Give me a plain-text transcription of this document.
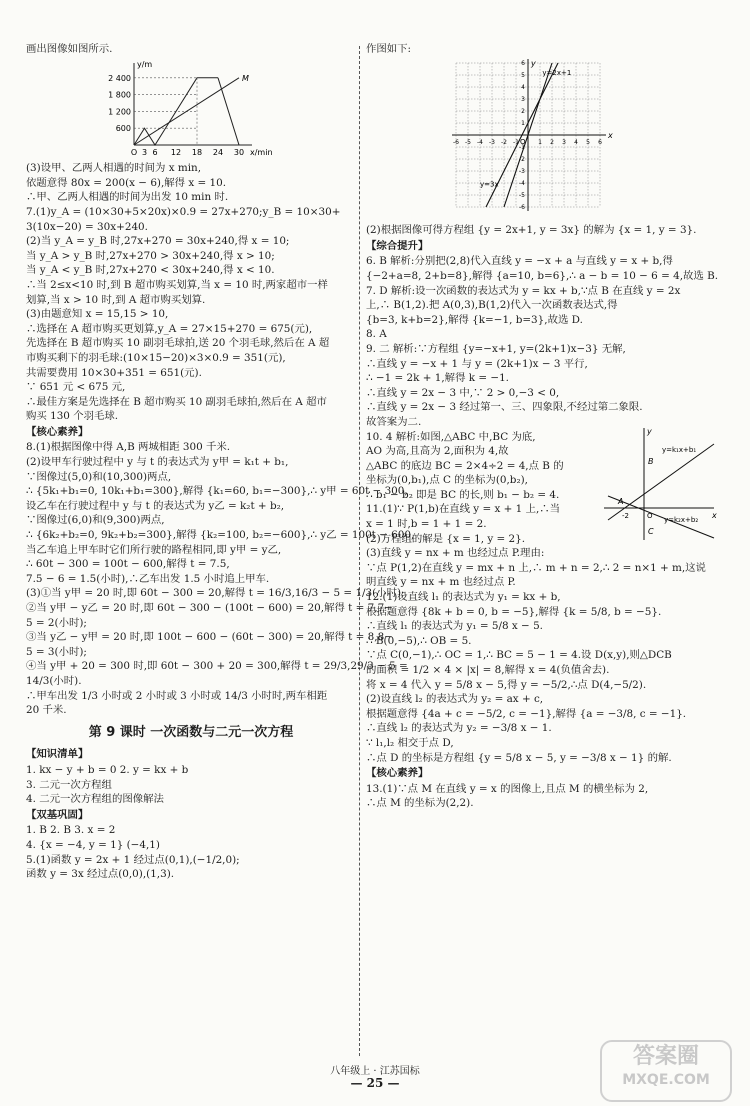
画出图像如图所示.
y/m
x/min
2 400
1 800
1 200
600
O 3 6 12 18 24 30
M
(3)设甲、乙两人相遇的时间为 x min,
依题意得 80x = 200(x − 6),解得 x = 10.
∴甲、乙两人相遇的时间为出发 10 min 时.
7.(1)y_A = (10×30+5×20x)×0.9 = 27x+270;y_B = 10×30+
3(10x−20) = 30x+240.
(2)当 y_A = y_B 时,27x+270 = 30x+240,得 x = 10;
当 y_A > y_B 时,27x+270 > 30x+240,得 x > 10;
当 y_A < y_B 时,27x+270 < 30x+240,得 x < 10.
∴当 2≤x<10 时,到 B 超市购买划算,当 x = 10 时,两家超市一样
划算,当 x > 10 时,到 A 超市购买划算.
(3)由题意知 x = 15,15 > 10,
∴选择在 A 超市购买更划算,y_A = 27×15+270 = 675(元),
先选择在 B 超市购买 10 副羽毛球拍,送 20 个羽毛球,然后在 A 超
市购买剩下的羽毛球:(10×15−20)×3×0.9 = 351(元),
共需要费用 10×30+351 = 651(元).
∵ 651 元 < 675 元,
∴最佳方案是先选择在 B 超市购买 10 副羽毛球拍,然后在 A 超市
购买 130 个羽毛球.
【核心素养】
8.(1)根据图像中得 A,B 两城相距 300 千米.
(2)设甲车行驶过程中 y 与 t 的表达式为 y甲 = k₁t + b₁,
∵图像过(5,0)和(10,300)两点,
∴ {5k₁+b₁=0, 10k₁+b₁=300},解得 {k₁=60, b₁=−300},∴ y甲 = 60t − 300,
设乙车在行驶过程中 y 与 t 的表达式为 y乙 = k₂t + b₂,
∵图像过(6,0)和(9,300)两点,
∴ {6k₂+b₂=0, 9k₂+b₂=300},解得 {k₂=100, b₂=−600},∴ y乙 = 100t − 600,
当乙车追上甲车时它们所行驶的路程相同,即 y甲 = y乙,
∴ 60t − 300 = 100t − 600,解得 t = 7.5,
7.5 − 6 = 1.5(小时),∴乙车出发 1.5 小时追上甲车.
(3)①当 y甲 = 20 时,即 60t − 300 = 20,解得 t = 16/3,16/3 − 5 = 1/3(小时);
②当 y甲 − y乙 = 20 时,即 60t − 300 − (100t − 600) = 20,解得 t = 7,7−
5 = 2(小时);
③当 y乙 − y甲 = 20 时,即 100t − 600 − (60t − 300) = 20,解得 t = 8,8−
5 = 3(小时);
④当 y甲 + 20 = 300 时,即 60t − 300 + 20 = 300,解得 t = 29/3,29/3 − 5 =
14/3(小时).
∴甲车出发 1/3 小时或 2 小时或 3 小时或 14/3 小时时,两车相距
20 千米.
第 9 课时 一次函数与二元一次方程
【知识清单】
1. kx − y + b = 0 2. y = kx + b
3. 二元一次方程组
4. 二元一次方程组的图像解法
【双基巩固】
1. B 2. B 3. x = 2
4. {x = −4, y = 1} (−4,1)
5.(1)函数 y = 2x + 1 经过点(0,1),(−1/2,0);
函数 y = 3x 经过点(0,0),(1,3).
作图如下:
x
y
O
-6
-6
-5
-5
-4
-4
-3
-3
-2
-2
-1
-1
1
1
2
2
3
3
4
4
5
5
6
6
y=2x+1
y=3x
(2)根据图像可得方程组 {y = 2x+1, y = 3x} 的解为 {x = 1, y = 3}.
【综合提升】
6. B 解析:分别把(2,8)代入直线 y = −x + a 与直线 y = x + b,得
{−2+a=8, 2+b=8},解得 {a=10, b=6},∴ a − b = 10 − 6 = 4,故选 B.
7. D 解析:设一次函数的表达式为 y = kx + b,∵点 B 在直线 y = 2x
上,∴ B(1,2).把 A(0,3),B(1,2)代入一次函数表达式,得
{b=3, k+b=2},解得 {k=−1, b=3},故选 D.
8. A
9. 二 解析:∵方程组 {y=−x+1, y=(2k+1)x−3} 无解,
∴直线 y = −x + 1 与 y = (2k+1)x − 3 平行,
∴ −1 = 2k + 1,解得 k = −1.
∴直线 y = 2x − 3 中,∵ 2 > 0,−3 < 0,
∴直线 y = 2x − 3 经过第一、三、四象限,不经过第二象限.
故答案为二.
y
x
O
A
B
C
-2
y=k₁x+b₁
y=k₂x+b₂
10. 4 解析:如图,△ABC 中,BC 为底,
AO 为高,且高为 2,面积为 4,故
△ABC 的底边 BC = 2×4÷2 = 4,点 B 的
坐标为(0,b₁),点 C 的坐标为(0,b₂),
∴ b₁ − b₂ 即是 BC 的长,则 b₁ − b₂ = 4.
11.(1)∵ P(1,b)在直线 y = x + 1 上,∴当
x = 1 时,b = 1 + 1 = 2.
(2)方程组的解是 {x = 1, y = 2}.
(3)直线 y = nx + m 也经过点 P.理由:
∵点 P(1,2)在直线 y = mx + n 上,∴ m + n = 2,∴ 2 = n×1 + m,这说
明直线 y = nx + m 也经过点 P.
12.(1)设直线 l₁ 的表达式为 y₁ = kx + b,
根据题意得 {8k + b = 0, b = −5},解得 {k = 5/8, b = −5}.
∴直线 l₁ 的表达式为 y₁ = 5/8 x − 5.
∴ B(0,−5),∴ OB = 5.
∵点 C(0,−1),∴ OC = 1,∴ BC = 5 − 1 = 4.设 D(x,y),则△DCB
的面积 = 1/2 × 4 × |x| = 8,解得 x = 4(负值舍去).
将 x = 4 代入 y = 5/8 x − 5,得 y = −5/2,∴点 D(4,−5/2).
(2)设直线 l₂ 的表达式为 y₂ = ax + c,
根据题意得 {4a + c = −5/2, c = −1},解得 {a = −3/8, c = −1}.
∴直线 l₂ 的表达式为 y₂ = −3/8 x − 1.
∵ l₁,l₂ 相交于点 D,
∴点 D 的坐标是方程组 {y = 5/8 x − 5, y = −3/8 x − 1} 的解.
【核心素养】
13.(1)∵点 M 在直线 y = x 的图像上,且点 M 的横坐标为 2,
∴点 M 的坐标为(2,2).
八年级上 · 江苏国标
— 25 —
答案圈
MXQE.COM
